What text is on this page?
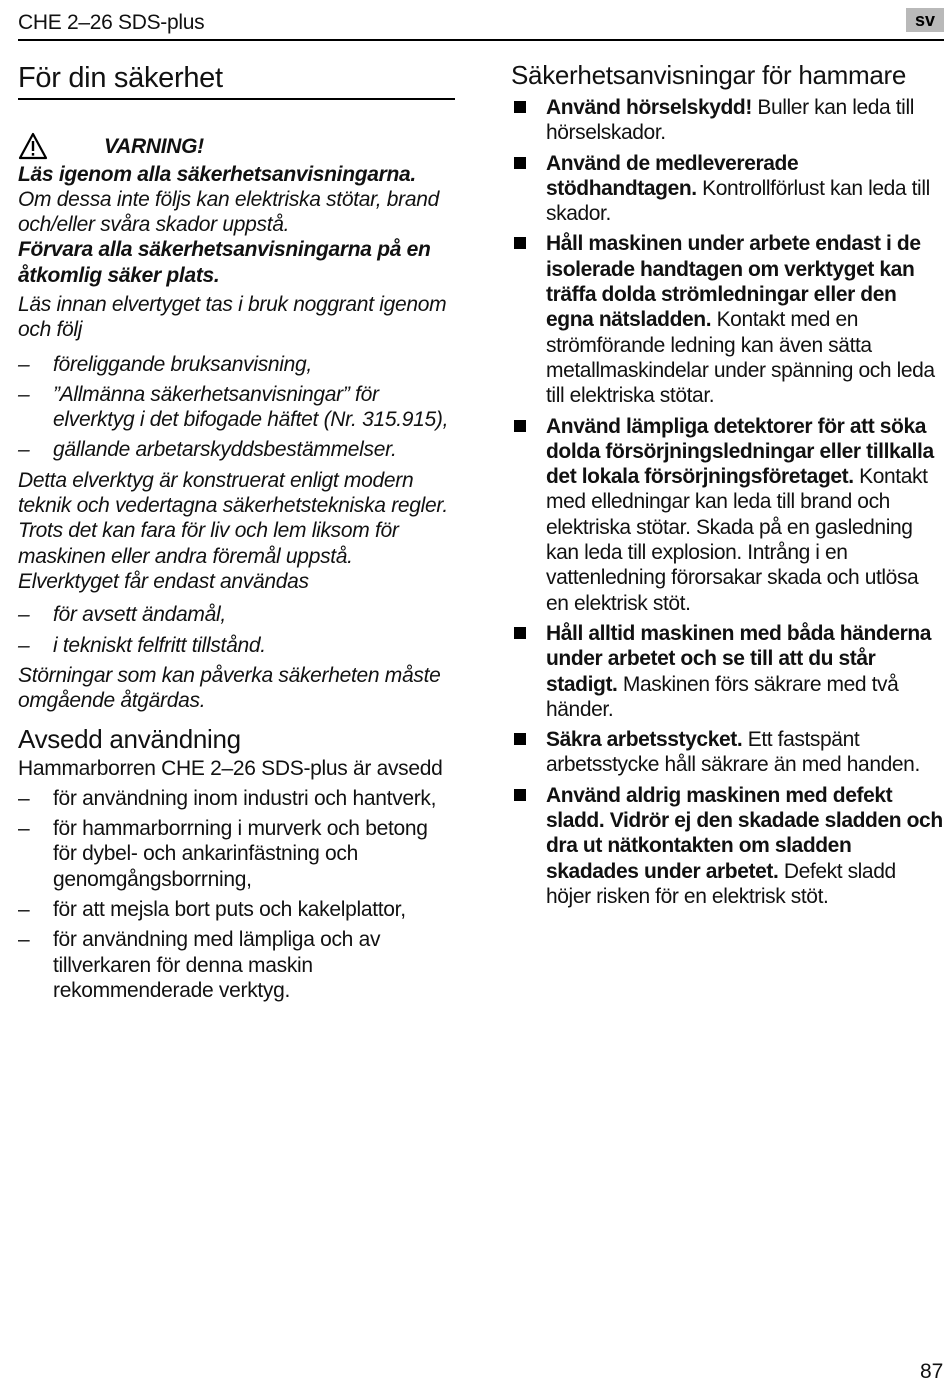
CHE 2–26 SDS-plus	sv
För din säkerhet
VARNING!
Läs igenom alla säkerhetsanvisningarna.
Om dessa inte följs kan elektriska stötar, brand och/eller svåra skador uppstå.
Förvara alla säkerhetsanvisningarna på en åtkomlig säker plats.
Läs innan elvertyget tas i bruk noggrant igenom och följ
– föreliggande bruksanvisning,
– ”Allmänna säkerhetsanvisningar” för elverktyg i det bifogade häftet (Nr. 315.915),
– gällande arbetarskyddsbestämmelser.
Detta elverktyg är konstruerat enligt modern teknik och vedertagna säkerhetstekniska regler. Trots det kan fara för liv och lem liksom för maskinen eller andra föremål uppstå.
Elverktyget får endast användas
– för avsett ändamål,
– i tekniskt felfritt tillstånd.
Störningar som kan påverka säkerheten måste omgående åtgärdas.
Avsedd användning
Hammarborren CHE 2–26 SDS-plus är avsedd
– för användning inom industri och hantverk,
– för hammarborrning i murverk och betong för dybel- och ankarinfästning och genomgångsborrning,
– för att mejsla bort puts och kakelplattor,
– för användning med lämpliga och av tillverkaren för denna maskin rekommenderade verktyg.
Säkerhetsanvisningar för hammare
Använd hörselskydd! Buller kan leda till hörselskador.
Använd de medlevererade stödhandtagen. Kontrollförlust kan leda till skador.
Håll maskinen under arbete endast i de isolerade handtagen om verktyget kan träffa dolda strömledningar eller den egna nätsladden. Kontakt med en strömförande ledning kan även sätta metallmaskindelar under spänning och leda till elektriska stötar.
Använd lämpliga detektorer för att söka dolda försörjningsledningar eller tillkalla det lokala försörjningsföretaget. Kontakt med elledningar kan leda till brand och elektriska stötar. Skada på en gasledning kan leda till explosion. Intrång i en vattenledning förorsakar skada och utlösa en elektrisk stöt.
Håll alltid maskinen med båda händerna under arbetet och se till att du står stadigt. Maskinen förs säkrare med två händer.
Säkra arbetsstycket. Ett fastspänt arbetsstycke håll säkrare än med handen.
Använd aldrig maskinen med defekt sladd. Vidrör ej den skadade sladden och dra ut nätkontakten om sladden skadades under arbetet. Defekt sladd höjer risken för en elektrisk stöt.
87
